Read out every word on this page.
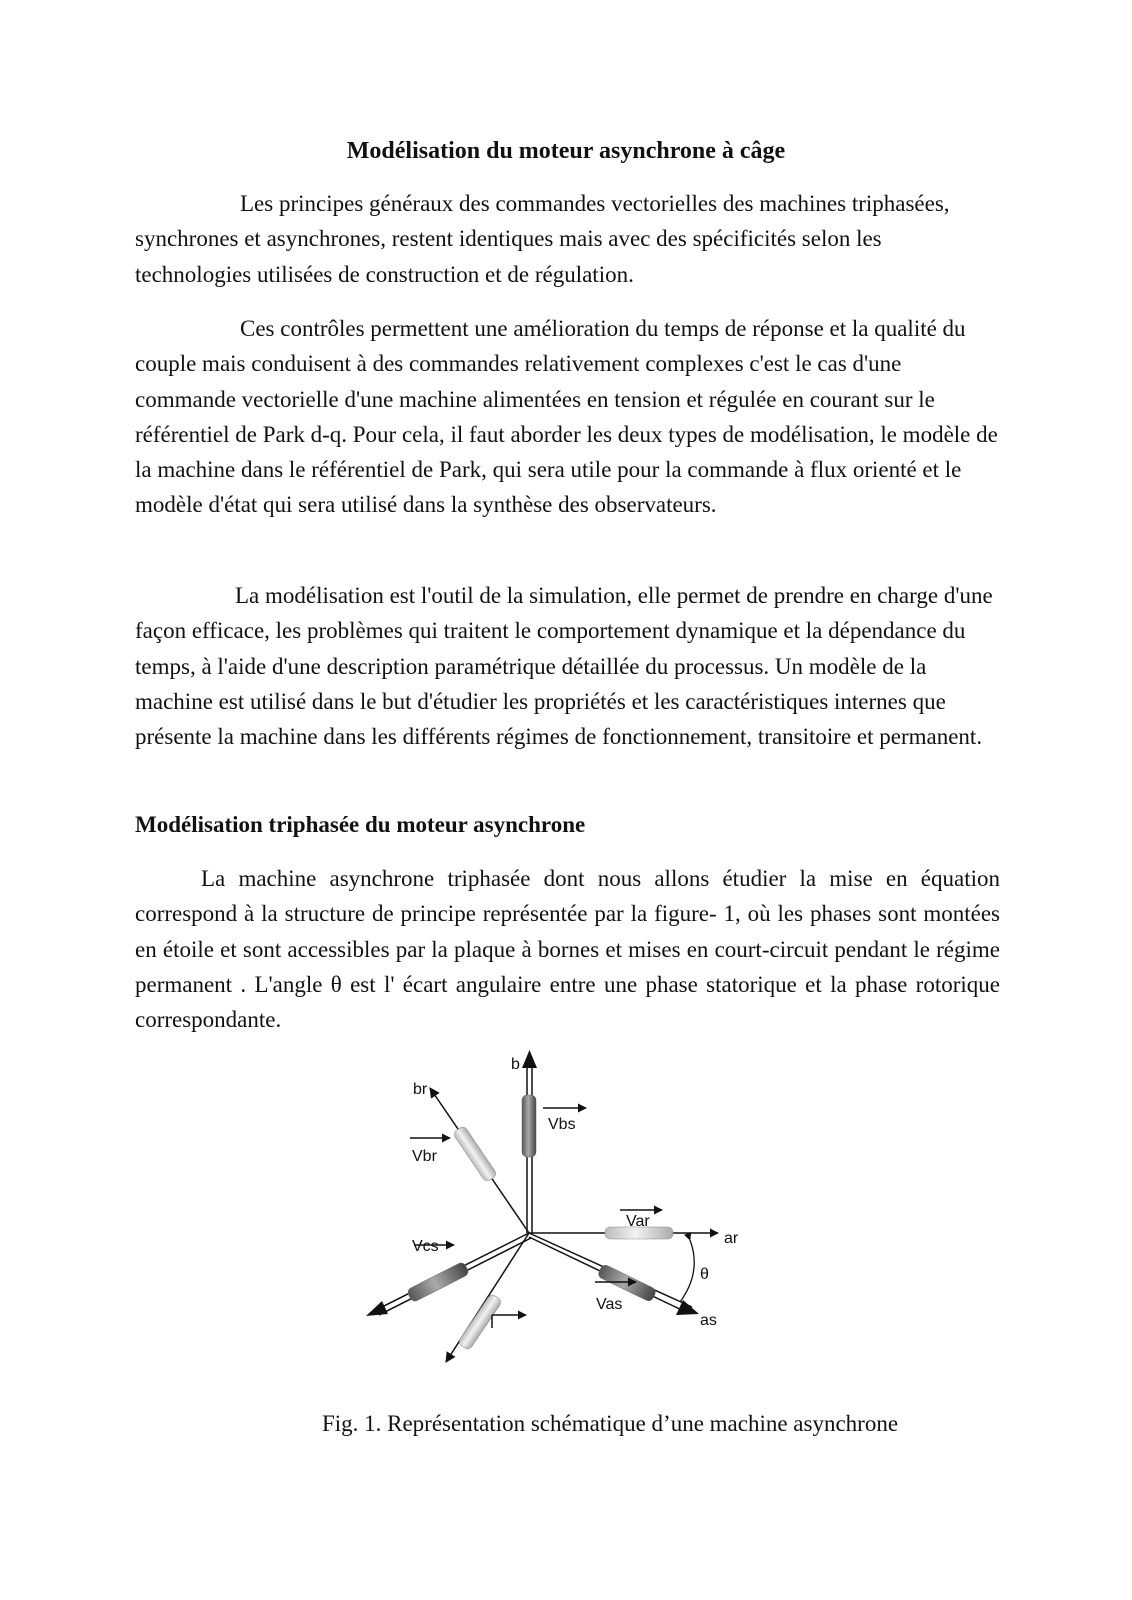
Modélisation du moteur asynchrone à câge

Les principes généraux des commandes vectorielles des machines triphasées, synchrones et asynchrones, restent identiques mais avec des spécificités selon les technologies utilisées de construction et de régulation.

Ces contrôles permettent une amélioration du temps de réponse et la qualité du couple mais conduisent à des commandes relativement complexes c'est le cas d'une commande vectorielle d'une machine alimentées en tension et régulée en courant sur le référentiel de Park d-q. Pour cela, il faut aborder les deux types de modélisation, le modèle de la machine dans le référentiel de Park, qui sera utile pour la commande à flux orienté et le modèle d'état qui sera utilisé dans la synthèse des observateurs.

La modélisation est l'outil de la simulation, elle permet de prendre en charge d'une façon efficace, les problèmes qui traitent le comportement dynamique et la dépendance du temps, à l'aide d'une description paramétrique détaillée du processus. Un modèle de la machine est utilisé dans le but d'étudier les propriétés et les caractéristiques internes que présente la machine dans les différents régimes de fonctionnement, transitoire et permanent.

Modélisation triphasée du moteur asynchrone

La machine asynchrone triphasée dont nous allons étudier la mise en équation correspond à la structure de principe représentée par la figure- 1, où les phases sont montées en étoile et sont accessibles par la plaque à bornes et mises en court-circuit pendant le régime permanent . L'angle θ est l' écart angulaire entre une phase statorique et la phase rotorique correspondante.

b
br
Vbs
Vbr
Var
ar
Vcs
θ
Vas
as
Fig. 1. Représentation schématique d’une machine asynchrone
